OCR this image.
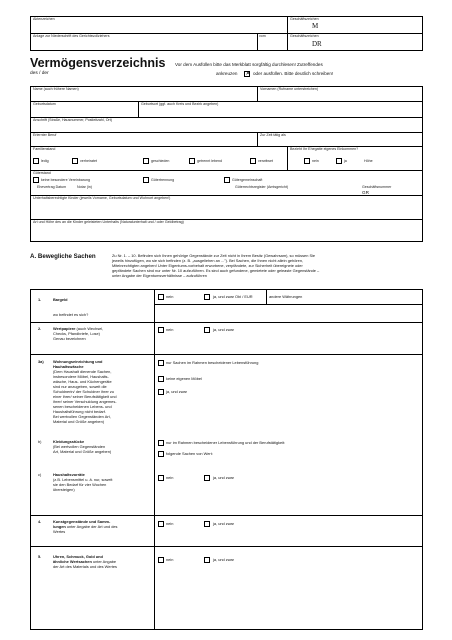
Aktenzeichen
Anlage zur Niederschrift des Gerichtsvollziehers	vom
Geschäftszeichen
M
Geschäftszeichen
DR
Vermögensverzeichnis
des / der
Vor dem Ausfüllen bitte das Merkblatt sorgfältig durchlesen! Zutreffendes
ankreuzen
✕	oder ausfüllen. Bitte deutlich schreiben!
Name (auch frühere Namen)	Vornamen (Rufname unterstreichen)
Geburtsdatum	Geburtsort (ggf. auch Kreis und Bezirk angeben)
Anschrift (Straße, Hausnummer, Postleitzahl, Ort)
Erlernter Beruf	Zur Zeit tätig als
Familienstand	Bezieht Ihr Ehegatte eigenes Einkommen?
ledig	verheiratet	geschieden	getrennt lebend	verwitwet	nein	ja	Höhe
Güterstand
keine besondere Vereinbarung	Gütertrennung	Gütergemeinschaft
Ehevertrag Datum	Notar (in)	Güterrechtsregister (Amtsgericht)	Geschäftsnummer
GR
Unterhaltsberechtigte Kinder (jeweils Vorname, Geburtsdatum und Wohnort angeben!)
Art und Höhe des an die Kinder geleisteten Unterhalts (Naturalunterhalt und / oder Geldbetrag)
A. Bewegliche Sachen	Zu Nr. 1. – 10. Befinden sich Ihnen gehörige Gegenstände zur Zeit nicht in Ihrem Besitz (Gewahrsam), so müssen Sie
jeweils hinzufügen, wo sie sich befinden (z. B. „ausgeliehen an ..."). Bei Sachen, die Ihnen nicht allein gehören,
Miteinrechtigten angeben! Unter Eigentums-vorbehalt erworbene, verpfändete, zur Sicherheit übereignete oder
gepfändete Sachen sind nur unter Nr. 10 aufzuführen. Es sind auch gefundene, gemietete oder geleaste Gegenstände –
unter Angabe der Eigentumsverhältnisse – aufzuführen
1.	Bargeld
nein	ja, und zwar Obi / EUR	andere Währungen
wo befindet es sich?
2.	Wertpapiere (auch Wechsel,
Checks, Pfandbriefe, Lose)
Genau bezeichnen
nein	ja, und zwar
3a) Wohnungseinrichtung und
Hauhaltswäsche
(Dem Haushalt dienende Sachen,
insbesondere Möbel, Haushalts-
wäsche, Haus- und Küchengeräte
sind nur anzugeben, soweit die
Schuldnerin/ der Schuldner ihrer zu
einer ihrer/ seiner Berufstätigkeit und
ihrer/ seiner Verschuldung angemes-
senen bescheidenen Lebens- und
Haushaltsführung nicht bedarf.
Bei wertvollen Gegenständen Art,
Material und Größe angeben)
nur Sachen im Rahmen bescheidener Lebensführung
keine eigenen Möbel
ja, und zwar
b)	Kleidungsstücke
(Bei wertvollen Gegenständen
Art, Material und Größe angeben)
nur im Rahmen bescheidener Lebensführung und der Berufstätigkeit:
folgende Sachen von Wert:
c)	Haushaltsvorräte
(z.B. Lebensmittel u. ä. nur, soweit
sie den Bedarf für vier Wochen
übersteigen)
nein	ja, und zwar
4.	Kunstgegenstände und Samm-
lungen unter Angabe der Art und des
Wertes
nein	ja, und zwar
5.	Uhren, Schmuck, Gold und
ähnliche Wertsachen unter Angabe
der Art des Materials und des Wertes
nein	ja, und zwar
